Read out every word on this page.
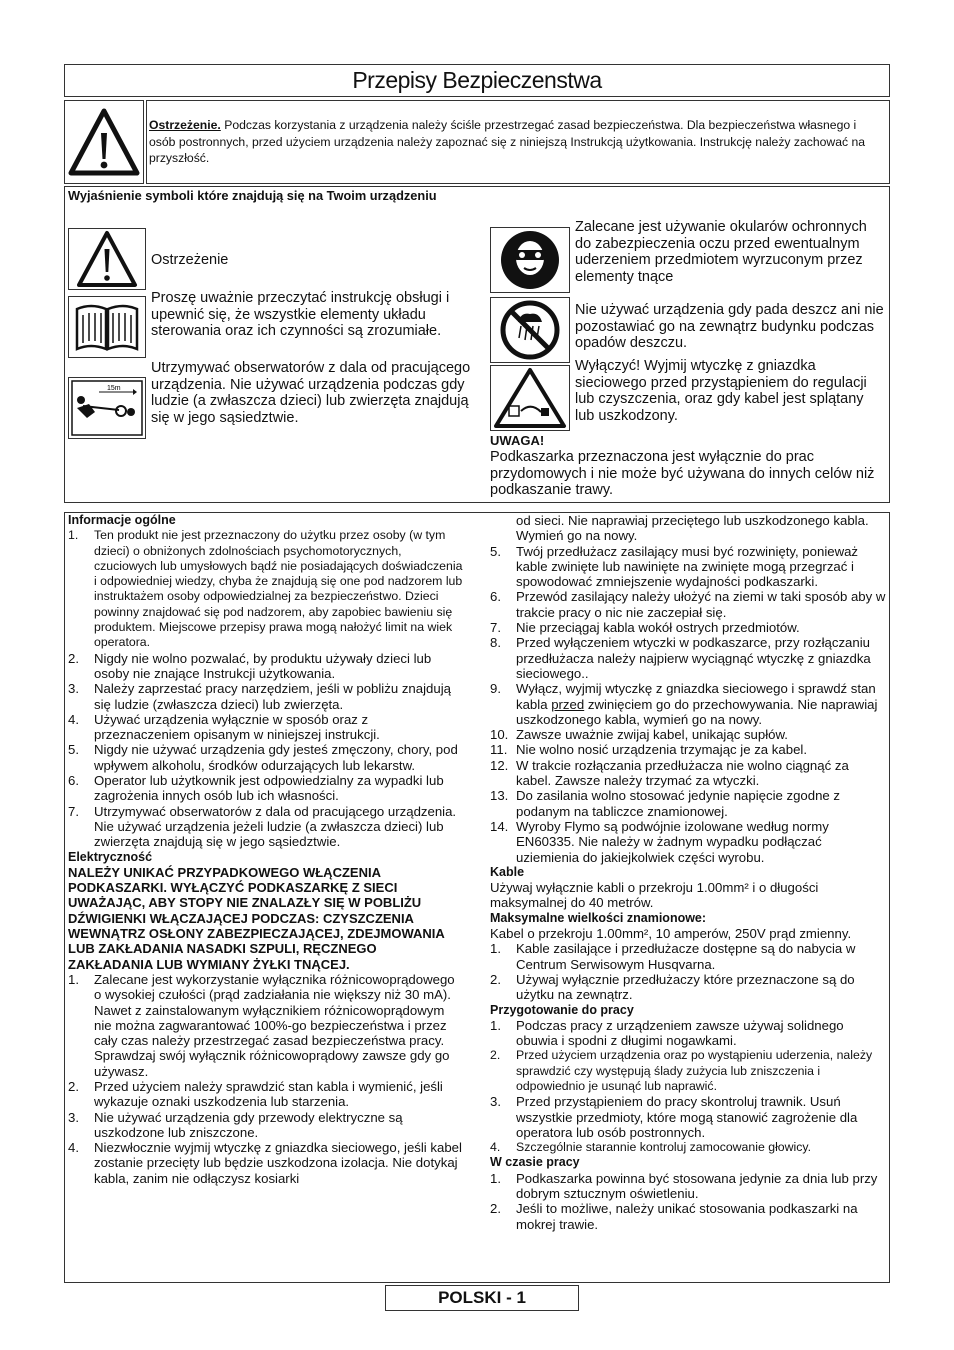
Przepisy Bezpieczenstwa
Ostrzeżenie. Podczas korzystania z urządzenia należy ściśle przestrzegać zasad bezpieczeństwa. Dla bezpieczeństwa własnego i osób postronnych, przed użyciem urządzenia należy zapoznać się z niniejszą Instrukcją użytkowania. Instrukcję należy zachować na przyszłość.
Wyjaśnienie symboli które znajdują się na Twoim urządzeniu
Ostrzeżenie
Proszę uważnie przeczytać instrukcję obsługi i upewnić się, że wszystkie elementy układu sterowania oraz ich czynności są zrozumiałe.
15m
Utrzymywać obserwatorów z dala od pracującego urządzenia. Nie używać urządzenia podczas gdy ludzie (a zwłaszcza dzieci) lub zwierzęta znajdują się w jego sąsiedztwie.
Zalecane jest używanie okularów ochronnych do zabezpieczenia oczu przed ewentualnym uderzeniem przedmiotem wyrzuconym przez elementy tnące
Nie używać urządzenia gdy pada deszcz ani nie pozostawiać go na zewnątrz budynku podczas opadów deszczu.
Wyłączyć! Wyjmij wtyczkę z gniazdka sieciowego przed przystąpieniem do regulacji lub czyszczenia, oraz gdy kabel jest splątany lub uszkodzony.
UWAGA!
Podkaszarka przeznaczona jest wyłącznie do prac przydomowych i nie może być używana do innych celów niż podkaszanie trawy.
Informacje ogólne
1.	Ten produkt nie jest przeznaczony do użytku przez osoby (w tym dzieci) o obniżonych zdolnościach psychomotorycznych, czuciowych lub umysłowych bądź nie posiadających doświadczenia i odpowiedniej wiedzy, chyba że znajdują się one pod nadzorem lub instruktażem osoby odpowiedzialnej za bezpieczeństwo. Dzieci powinny znajdować się pod nadzorem, aby zapobiec bawieniu się produktem. Miejscowe przepisy prawa mogą nałożyć limit na wiek operatora.
2.	Nigdy nie wolno pozwalać, by produktu używały dzieci lub osoby nie znające Instrukcji użytkowania.
3.	Należy zaprzestać pracy narzędziem, jeśli w pobliżu znajdują się ludzie (zwłaszcza dzieci) lub zwierzęta.
4.	Używać urządzenia wyłącznie w sposób oraz z przeznaczeniem opisanym w niniejszej instrukcji.
5.	Nigdy nie używać urządzenia gdy jesteś zmęczony, chory, pod wpływem alkoholu, środków odurzających lub lekarstw.
6.	Operator lub użytkownik jest odpowiedzialny za wypadki lub zagrożenia innych osób lub ich własności.
7.	Utrzymywać obserwatorów z dala od pracującego urządzenia. Nie używać urządzenia jeżeli ludzie (a zwłaszcza dzieci) lub zwierzęta znajdują się w jego sąsiedztwie.
Elektryczność
NALEŻY UNIKAĆ PRZYPADKOWEGO WŁĄCZENIA PODKASZARKI. WYŁĄCZYĆ PODKASZARKĘ Z SIECI UWAŻAJĄC, ABY STOPY NIE ZNALAZŁY SIĘ W POBLIŻU DŹWIGIENKI WŁĄCZAJĄCEJ PODCZAS: CZYSZCZENIA WEWNĄTRZ OSŁONY ZABEZPIECZAJĄCEJ, ZDEJMOWANIA LUB ZAKŁADANIA NASADKI SZPULI, RĘCZNEGO ZAKŁADANIA LUB WYMIANY ŻYŁKI TNĄCEJ.
1.	Zalecane jest wykorzystanie wyłącznika różnicowoprądowego o wysokiej czułości (prąd zadziałania nie większy niż 30 mA). Nawet z zainstalowanym wyłącznikiem różnicowoprądowym nie można zagwarantować 100%-go bezpieczeństwa i przez cały czas należy przestrzegać zasad bezpieczeństwa pracy. Sprawdzaj swój wyłącznik różnicowoprądowy zawsze gdy go używasz.
2.	Przed użyciem należy sprawdzić stan kabla i wymienić, jeśli wykazuje oznaki uszkodzenia lub starzenia.
3.	Nie używać urządzenia gdy przewody elektryczne są uszkodzone lub zniszczone.
4.	Niezwłocznie wyjmij wtyczkę z gniazdka sieciowego, jeśli kabel zostanie przecięty lub będzie uszkodzona izolacja. Nie dotykaj kabla, zanim nie odłączysz kosiarki
od sieci. Nie naprawiaj przeciętego lub uszkodzonego kabla. Wymień go na nowy.
5.	Twój przedłużacz zasilający musi być rozwinięty, ponieważ kable zwinięte lub nawinięte na zwinięte mogą przegrzać i spowodować zmniejszenie wydajności podkaszarki.
6.	Przewód zasilający należy ułożyć na ziemi w taki sposób aby w trakcie pracy o nic nie zaczepiał się.
7.	Nie przeciągaj kabla wokół ostrych przedmiotów.
8.	Przed wyłączeniem wtyczki w podkaszarce, przy rozłączaniu przedłużacza należy najpierw wyciągnąć wtyczkę z gniazdka sieciowego..
9.	Wyłącz, wyjmij wtyczkę z gniazdka sieciowego i sprawdź stan kabla przed zwinięciem go do przechowywania. Nie naprawiaj uszkodzonego kabla, wymień go na nowy.
10. Zawsze uważnie zwijaj kabel, unikając supłów.
11. Nie wolno nosić urządzenia trzymając je za kabel.
12. W trakcie rozłączania przedłużacza nie wolno ciągnąć za kabel. Zawsze należy trzymać za wtyczki.
13. Do zasilania wolno stosować jedynie napięcie zgodne z podanym na tabliczce znamionowej.
14. Wyroby Flymo są podwójnie izolowane według normy EN60335. Nie należy w żadnym wypadku podłączać uziemienia do jakiejkolwiek części wyrobu.
Kable
Używaj wyłącznie kabli o przekroju 1.00mm² i o długości maksymalnej do 40 metrów.
Maksymalne wielkości znamionowe:
Kabel o przekroju 1.00mm², 10 amperów, 250V prąd zmienny.
1.	Kable zasilające i przedłużacze dostępne są do nabycia w Centrum Serwisowym Husqvarna.
2.	Używaj wyłącznie przedłużaczy które przeznaczone są do użytku na zewnątrz.
Przygotowanie do pracy
1.	Podczas pracy z urządzeniem zawsze używaj solidnego obuwia i spodni z długimi nogawkami.
2.	Przed użyciem urządzenia oraz po wystąpieniu uderzenia, należy sprawdzić czy występują ślady zużycia lub zniszczenia i odpowiednio je usunąć lub naprawić.
3.	Przed przystąpieniem do pracy skontroluj trawnik. Usuń wszystkie przedmioty, które mogą stanowić zagrożenie dla operatora lub osób postronnych.
4.	Szczególnie starannie kontroluj zamocowanie głowicy.
W czasie pracy
1.	Podkaszarka powinna być stosowana jedynie za dnia lub przy dobrym sztucznym oświetleniu.
2.	Jeśli to możliwe, należy unikać stosowania podkaszarki na mokrej trawie.
POLSKI - 1
